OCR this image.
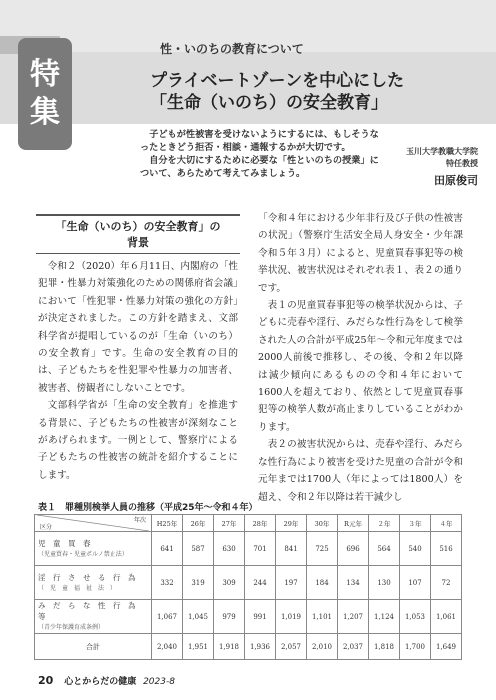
特
集
性・いのちの教育について
プライベートゾーンを中心にした
「生命（いのち）の安全教育」

子どもが性被害を受けないようにするには、もしそうなったときどう拒否・相談・通報するかが大切です。

自分を大切にするために必要な「性といのちの授業」について、あらためて考えてみましょう。

玉川大学教職大学院
特任教授
田原俊司
「生命（いのち）の安全教育」の
背景

令和２（2020）年６月11日、内閣府の「性犯罪・性暴力対策強化のための関係府省会議」において「性犯罪・性暴力対策の強化の方針」が決定されました。この方針を踏まえ、文部科学省が提唱しているのが「生命（いのち）の安全教育」です。生命の安全教育の目的は、子どもたちを性犯罪や性暴力の加害者、被害者、傍観者にしないことです。

文部科学省が「生命の安全教育」を推進する背景に、子どもたちの性被害が深刻なことがあげられます。一例として、警察庁による子どもたちの性被害の統計を紹介することにします。

「令和４年における少年非行及び子供の性被害の状況」（警察庁生活安全局人身安全・少年課　令和５年３月）によると、児童買春事犯等の検挙状況、被害状況はそれぞれ表１、表２の通りです。

表１の児童買春事犯等の検挙状況からは、子どもに売春や淫行、みだらな性行為をして検挙された人の合計が平成25年～令和元年度までは2000人前後で推移し、その後、令和２年以降は減少傾向にあるものの令和４年において1600人を超えており、依然として児童買春事犯等の検挙人数が高止まりしていることがわかります。

表２の被害状況からは、売春や淫行、みだらな性行為により被害を受けた児童の合計が令和元年までは1700人（年によっては1800人）を超え、令和２年以降は若干減少し

表１　罪種別検挙人員の推移（平成25年～令和４年）
年次
区分	H25年	26年	27年	28年	29年	30年	R元年	２年	３年	４年
児　童　買　春
（児童買春・児童ポルノ禁止法）	641	587	630	701	841	725	696	564	540	516
淫　行　さ　せ　る　行　為
（　児　童　福　祉　法　）	332	319	309	244	197	184	134	130	107	72
み　だ　ら　な　性　行　為　等
（青少年保護育成条例）	1,067	1,045	979	991	1,019	1,101	1,207	1,124	1,053	1,061
合計	2,040	1,951	1,918	1,936	2,057	2,010	2,037	1,818	1,700	1,649
20 心とからだの健康 2023-8
